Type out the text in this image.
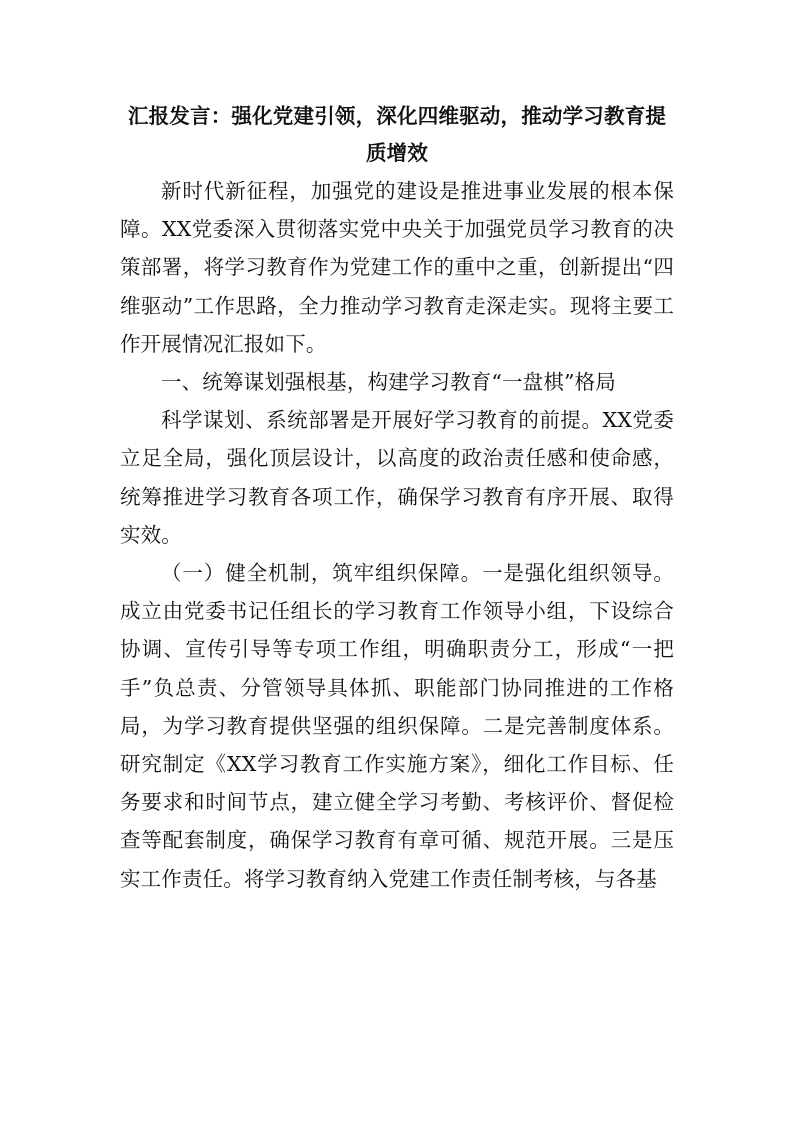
汇报发言：强化党建引领，深化四维驱动，推动学习教育提质增效

新时代新征程，加强党的建设是推进事业发展的根本保障。XX党委深入贯彻落实党中央关于加强党员学习教育的决策部署，将学习教育作为党建工作的重中之重，创新提出“四维驱动”工作思路，全力推动学习教育走深走实。现将主要工作开展情况汇报如下。

一、统筹谋划强根基，构建学习教育“一盘棋”格局

科学谋划、系统部署是开展好学习教育的前提。XX党委立足全局，强化顶层设计，以高度的政治责任感和使命感，统筹推进学习教育各项工作，确保学习教育有序开展、取得实效。

（一）健全机制，筑牢组织保障。一是强化组织领导。成立由党委书记任组长的学习教育工作领导小组，下设综合协调、宣传引导等专项工作组，明确职责分工，形成“一把手”负总责、分管领导具体抓、职能部门协同推进的工作格局，为学习教育提供坚强的组织保障。二是完善制度体系。研究制定《XX学习教育工作实施方案》，细化工作目标、任务要求和时间节点，建立健全学习考勤、考核评价、督促检查等配套制度，确保学习教育有章可循、规范开展。三是压实工作责任。将学习教育纳入党建工作责任制考核，与各基
